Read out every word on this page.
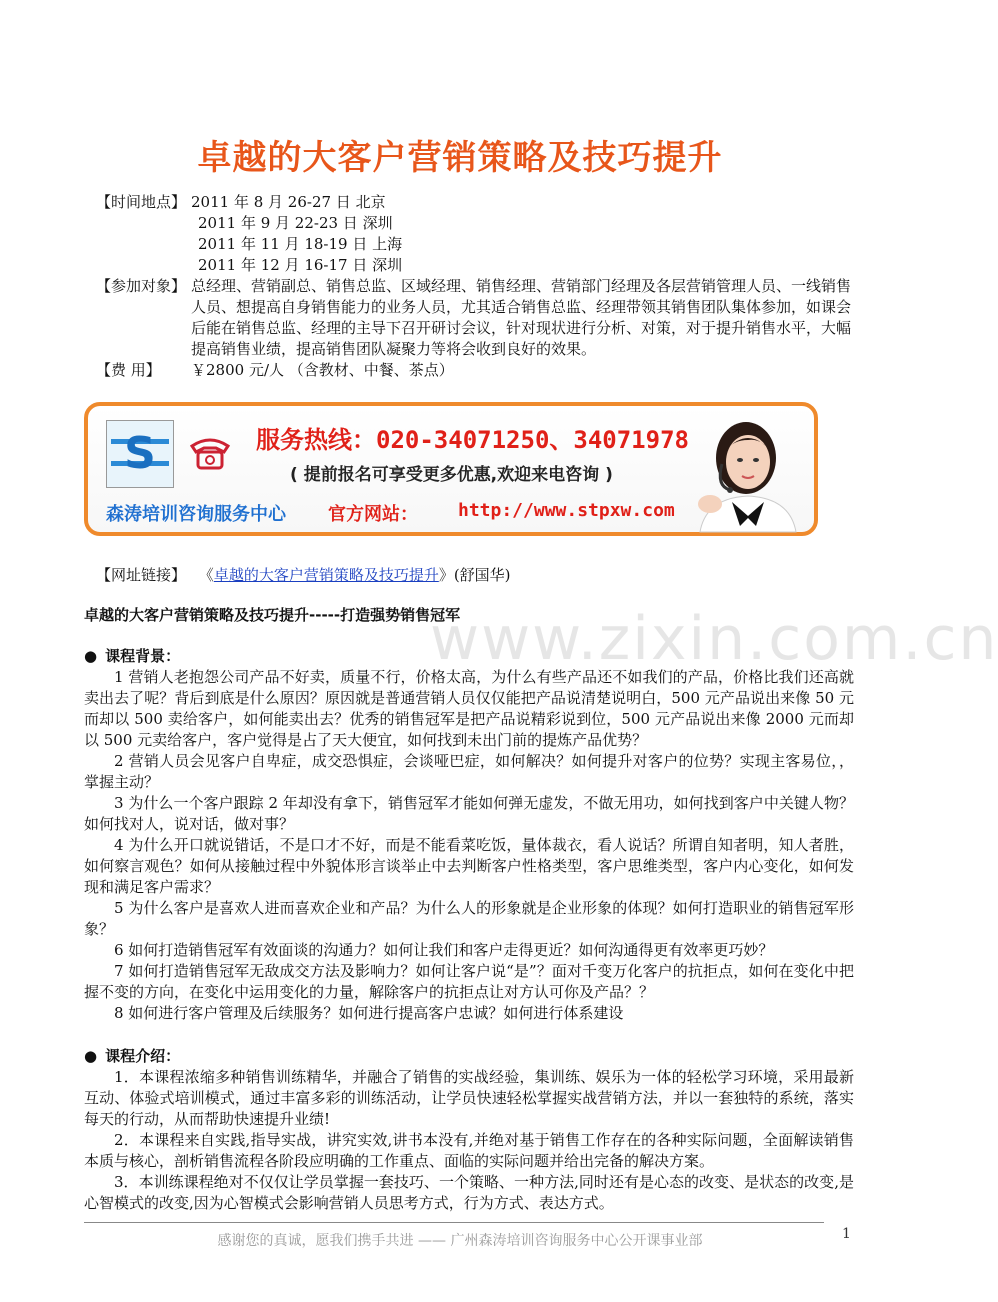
卓越的大客户营销策略及技巧提升
【时间地点】 2011 年 8 月 26-27 日 北京
2011 年 9 月 22-23 日 深圳
2011 年 11 月 18-19 日 上海
2011 年 12 月 16-17 日 深圳
【参加对象】 总经理、营销副总、销售总监、区域经理、销售经理、营销部门经理及各层营销管理人员、一线销售人员、想提高自身销售能力的业务人员，尤其适合销售总监、经理带领其销售团队集体参加，如课会后能在销售总监、经理的主导下召开研讨会议，针对现状进行分析、对策，对于提升销售水平，大幅提高销售业绩，提高销售团队凝聚力等将会收到良好的效果。
【费 用】 ￥2800 元/人 （含教材、中餐、茶点）
S	服务热线：020-34071250、34071978
( 提前报名可享受更多优惠,欢迎来电咨询 )
森涛培训咨询服务中心 官方网站： http://www.stpxw.com
【网址链接】 《卓越的大客户营销策略及技巧提升》(舒国华)
www.zixin.com.cn
卓越的大客户营销策略及技巧提升-----打造强势销售冠军

● 课程背景：

1 营销人老抱怨公司产品不好卖，质量不行，价格太高，为什么有些产品还不如我们的产品，价格比我们还高就卖出去了呢？背后到底是什么原因？原因就是普通营销人员仅仅能把产品说清楚说明白，500 元产品说出来像 50 元而却以 500 卖给客户，如何能卖出去？优秀的销售冠军是把产品说精彩说到位，500 元产品说出来像 2000 元而却以 500 元卖给客户，客户觉得是占了天大便宜，如何找到未出门前的提炼产品优势？

2 营销人员会见客户自卑症，成交恐惧症，会谈哑巴症，如何解决？如何提升对客户的位势？实现主客易位，，掌握主动？

3 为什么一个客户跟踪 2 年却没有拿下，销售冠军才能如何弹无虚发，不做无用功，如何找到客户中关键人物？如何找对人，说对话，做对事？

4 为什么开口就说错话，不是口才不好，而是不能看菜吃饭，量体裁衣，看人说话？所谓自知者明，知人者胜，如何察言观色？如何从接触过程中外貌体形言谈举止中去判断客户性格类型，客户思维类型，客户内心变化，如何发现和满足客户需求？

5 为什么客户是喜欢人进而喜欢企业和产品？为什么人的形象就是企业形象的体现？如何打造职业的销售冠军形象？

6 如何打造销售冠军有效面谈的沟通力？如何让我们和客户走得更近？如何沟通得更有效率更巧妙？

7 如何打造销售冠军无敌成交方法及影响力？如何让客户说“是”？面对千变万化客户的抗拒点，如何在变化中把握不变的方向，在变化中运用变化的力量，解除客户的抗拒点让对方认可你及产品？？

8 如何进行客户管理及后续服务？如何进行提高客户忠诚？如何进行体系建设

● 课程介绍：

1．本课程浓缩多种销售训练精华，并融合了销售的实战经验，集训练、娱乐为一体的轻松学习环境，采用最新互动、体验式培训模式，通过丰富多彩的训练活动，让学员快速轻松掌握实战营销方法，并以一套独特的系统，落实每天的行动，从而帮助快速提升业绩!

2．本课程来自实践,指导实战，讲究实效,讲书本没有,并绝对基于销售工作存在的各种实际问题，全面解读销售本质与核心，剖析销售流程各阶段应明确的工作重点、面临的实际问题并给出完备的解决方案。

3．本训练课程绝对不仅仅让学员掌握一套技巧、一个策略、一种方法,同时还有是心态的改变、是状态的改变,是心智模式的改变,因为心智模式会影响营销人员思考方式，行为方式、表达方式。

感谢您的真诚，愿我们携手共进 —— 广州森涛培训咨询服务中心公开课事业部	1
